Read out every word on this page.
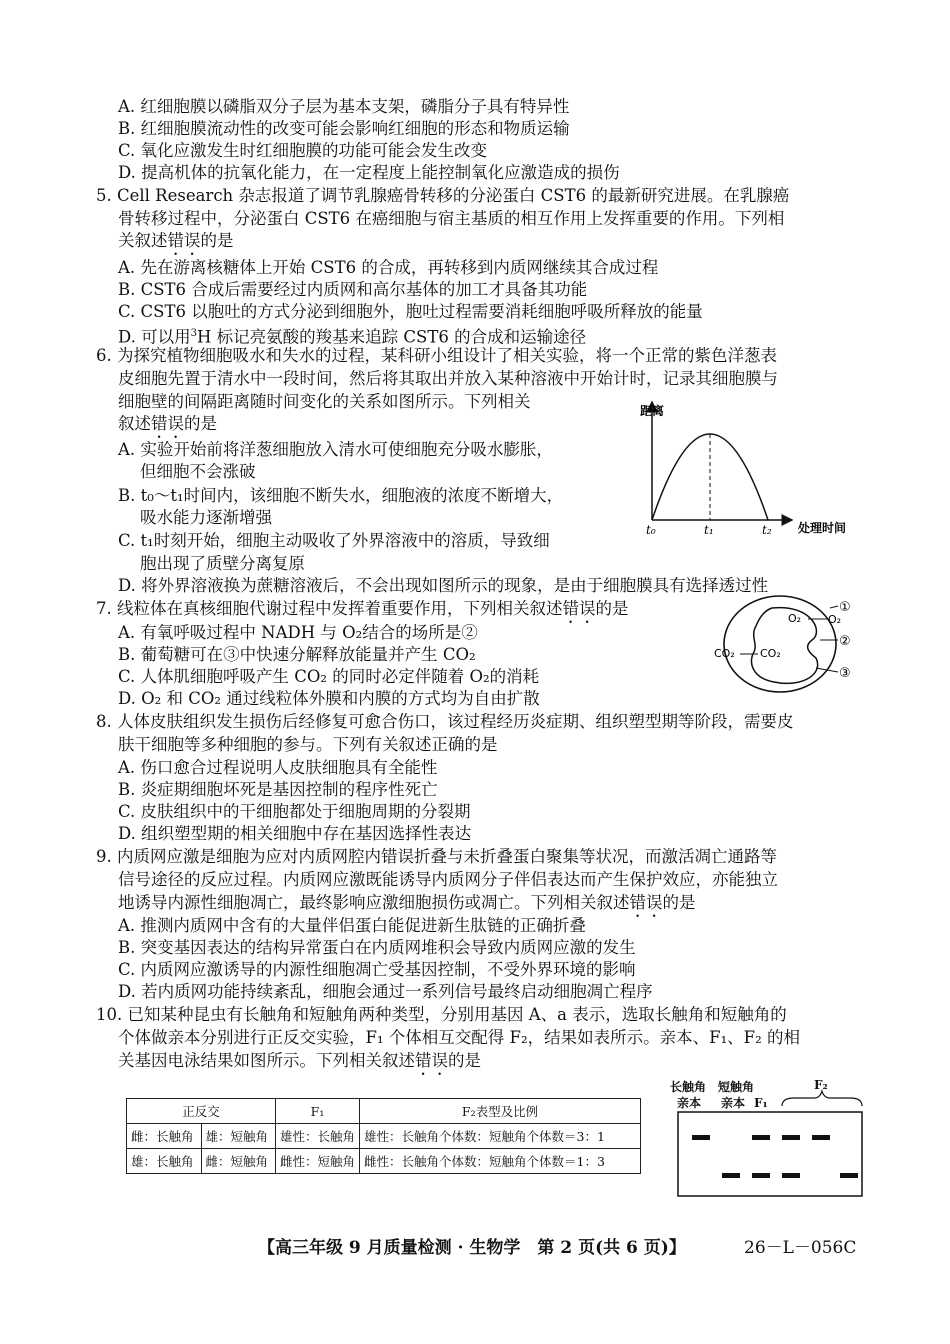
A. 红细胞膜以磷脂双分子层为基本支架，磷脂分子具有特异性
B. 红细胞膜流动性的改变可能会影响红细胞的形态和物质运输
C. 氧化应激发生时红细胞膜的功能可能会发生改变
D. 提高机体的抗氧化能力，在一定程度上能控制氧化应激造成的损伤
5. Cell Research 杂志报道了调节乳腺癌骨转移的分泌蛋白 CST6 的最新研究进展。在乳腺癌
骨转移过程中，分泌蛋白 CST6 在癌细胞与宿主基质的相互作用上发挥重要的作用。下列相
关叙述错误的是
A. 先在游离核糖体上开始 CST6 的合成，再转移到内质网继续其合成过程
B. CST6 合成后需要经过内质网和高尔基体的加工才具备其功能
C. CST6 以胞吐的方式分泌到细胞外，胞吐过程需要消耗细胞呼吸所释放的能量
D. 可以用$^3$H 标记亮氨酸的羧基来追踪 CST6 的合成和运输途径
6. 为探究植物细胞吸水和失水的过程，某科研小组设计了相关实验，将一个正常的紫色洋葱表
皮细胞先置于清水中一段时间，然后将其取出并放入某种溶液中开始计时，记录其细胞膜与
细胞壁的间隔距离随时间变化的关系如图所示。下列相关
叙述错误的是
A. 实验开始前将洋葱细胞放入清水可使细胞充分吸水膨胀，
但细胞不会涨破
B. t₀～t₁时间内，该细胞不断失水，细胞液的浓度不断增大，
吸水能力逐渐增强
C. t₁时刻开始，细胞主动吸收了外界溶液中的溶质，导致细
胞出现了质壁分离复原
D. 将外界溶液换为蔗糖溶液后，不会出现如图所示的现象，是由于细胞膜具有选择透过性
距离
处理时间
t₀	t₁	t₂
7. 线粒体在真核细胞代谢过程中发挥着重要作用，下列相关叙述错误的是
A. 有氧呼吸过程中 NADH 与 O₂结合的场所是②
B. 葡萄糖可在③中快速分解释放能量并产生 CO₂
C. 人体肌细胞呼吸产生 CO₂ 的同时必定伴随着 O₂的消耗
D. O₂ 和 CO₂ 通过线粒体外膜和内膜的方式均为自由扩散
O₂ O₂
CO₂ CO₂
①
②
③
8. 人体皮肤组织发生损伤后经修复可愈合伤口，该过程经历炎症期、组织塑型期等阶段，需要皮
肤干细胞等多种细胞的参与。下列有关叙述正确的是
A. 伤口愈合过程说明人皮肤细胞具有全能性
B. 炎症期细胞坏死是基因控制的程序性死亡
C. 皮肤组织中的干细胞都处于细胞周期的分裂期
D. 组织塑型期的相关细胞中存在基因选择性表达
9. 内质网应激是细胞为应对内质网腔内错误折叠与未折叠蛋白聚集等状况，而激活凋亡通路等
信号途径的反应过程。内质网应激既能诱导内质网分子伴侣表达而产生保护效应，亦能独立
地诱导内源性细胞凋亡，最终影响应激细胞损伤或凋亡。下列相关叙述错误的是
A. 推测内质网中含有的大量伴侣蛋白能促进新生肽链的正确折叠
B. 突变基因表达的结构异常蛋白在内质网堆积会导致内质网应激的发生
C. 内质网应激诱导的内源性细胞凋亡受基因控制，不受外界环境的影响
D. 若内质网功能持续紊乱，细胞会通过一系列信号最终启动细胞凋亡程序
10. 已知某种昆虫有长触角和短触角两种类型，分别用基因 A、a 表示，选取长触角和短触角的
个体做亲本分别进行正反交实验，F₁ 个体相互交配得 F₂，结果如表所示。亲本、F₁、F₂ 的相
关基因电泳结果如图所示。下列相关叙述错误的是
正反交		F₁	F₂表型及比例
雌：长触角	雄：短触角	雄性：长触角	雄性：长触角个体数：短触角个体数＝3：1
雄：长触角	雌：短触角	雌性：短触角	雌性：长触角个体数：短触角个体数＝1：3
长触角 短触角
亲本 亲本 F₁
F₂
【高三年级 9 月质量检测 · 生物学　第 2 页(共 6 页)】	26－L－056C
